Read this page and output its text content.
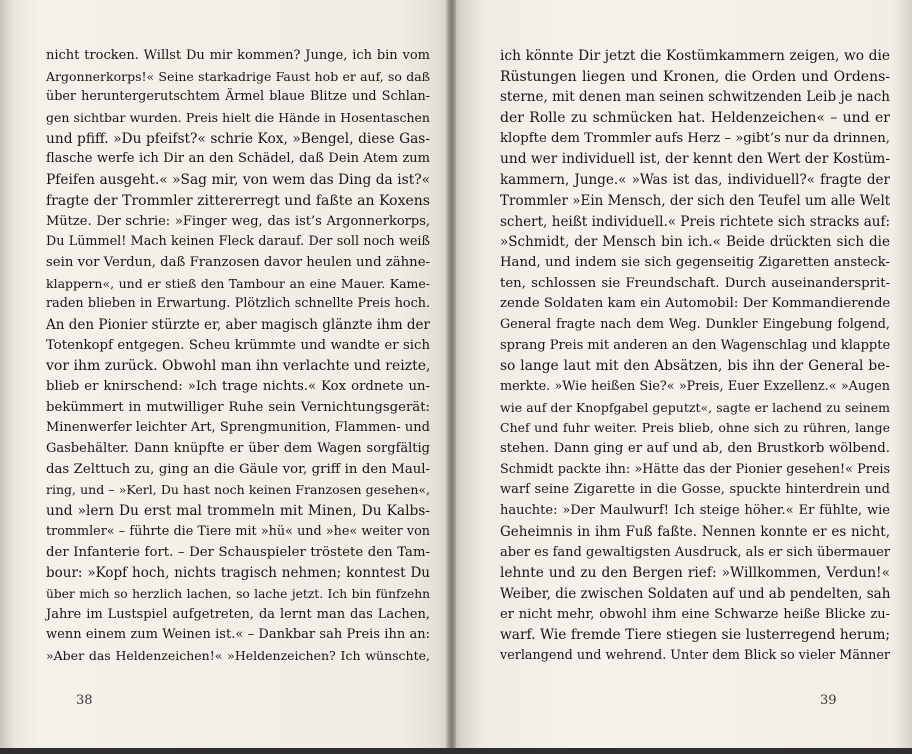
nicht trocken. Willst Du mir kommen? Junge, ich bin vom
Argonnerkorps!« Seine starkadrige Faust hob er auf, so daß
über heruntergerutschtem Ärmel blaue Blitze und Schlan-
gen sichtbar wurden. Preis hielt die Hände in Hosentaschen
und pfiff. »Du pfeifst?« schrie Kox, »Bengel, diese Gas-
flasche werfe ich Dir an den Schädel, daß Dein Atem zum
Pfeifen ausgeht.« »Sag mir, von wem das Ding da ist?«
fragte der Trommler zittererregt und faßte an Koxens
Mütze. Der schrie: »Finger weg, das ist’s Argonnerkorps,
Du Lümmel! Mach keinen Fleck darauf. Der soll noch weiß
sein vor Verdun, daß Franzosen davor heulen und zähne-
klappern«, und er stieß den Tambour an eine Mauer. Kame-
raden blieben in Erwartung. Plötzlich schnellte Preis hoch.
An den Pionier stürzte er, aber magisch glänzte ihm der
Totenkopf entgegen. Scheu krümmte und wandte er sich
vor ihm zurück. Obwohl man ihn verlachte und reizte,
blieb er knirschend: »Ich trage nichts.« Kox ordnete un-
bekümmert in mutwilliger Ruhe sein Vernichtungsgerät:
Minenwerfer leichter Art, Sprengmunition, Flammen- und
Gasbehälter. Dann knüpfte er über dem Wagen sorgfältig
das Zelttuch zu, ging an die Gäule vor, griff in den Maul-
ring, und – »Kerl, Du hast noch keinen Franzosen gesehen«,
und »lern Du erst mal trommeln mit Minen, Du Kalbs-
trommler« – führte die Tiere mit »hü« und »he« weiter von
der Infanterie fort. – Der Schauspieler tröstete den Tam-
bour: »Kopf hoch, nichts tragisch nehmen; konntest Du
über mich so herzlich lachen, so lache jetzt. Ich bin fünfzehn
Jahre im Lustspiel aufgetreten, da lernt man das Lachen,
wenn einem zum Weinen ist.« – Dankbar sah Preis ihn an:
»Aber das Heldenzeichen!« »Heldenzeichen? Ich wünschte,
38
ich könnte Dir jetzt die Kostümkammern zeigen, wo die
Rüstungen liegen und Kronen, die Orden und Ordens-
sterne, mit denen man seinen schwitzenden Leib je nach
der Rolle zu schmücken hat. Heldenzeichen« – und er
klopfte dem Trommler aufs Herz – »gibt’s nur da drinnen,
und wer individuell ist, der kennt den Wert der Kostüm-
kammern, Junge.« »Was ist das, individuell?« fragte der
Trommler »Ein Mensch, der sich den Teufel um alle Welt
schert, heißt individuell.« Preis richtete sich stracks auf:
»Schmidt, der Mensch bin ich.« Beide drückten sich die
Hand, und indem sie sich gegenseitig Zigaretten ansteck-
ten, schlossen sie Freundschaft. Durch auseinandersprit-
zende Soldaten kam ein Automobil: Der Kommandierende
General fragte nach dem Weg. Dunkler Eingebung folgend,
sprang Preis mit anderen an den Wagenschlag und klappte
so lange laut mit den Absätzen, bis ihn der General be-
merkte. »Wie heißen Sie?« »Preis, Euer Exzellenz.« »Augen
wie auf der Knopfgabel geputzt«, sagte er lachend zu seinem
Chef und fuhr weiter. Preis blieb, ohne sich zu rühren, lange
stehen. Dann ging er auf und ab, den Brustkorb wölbend.
Schmidt packte ihn: »Hätte das der Pionier gesehen!« Preis
warf seine Zigarette in die Gosse, spuckte hinterdrein und
hauchte: »Der Maulwurf! Ich steige höher.« Er fühlte, wie
Geheimnis in ihm Fuß faßte. Nennen konnte er es nicht,
aber es fand gewaltigsten Ausdruck, als er sich übermauer
lehnte und zu den Bergen rief: »Willkommen, Verdun!«
Weiber, die zwischen Soldaten auf und ab pendelten, sah
er nicht mehr, obwohl ihm eine Schwarze heiße Blicke zu-
warf. Wie fremde Tiere stiegen sie lusterregend herum;
verlangend und wehrend. Unter dem Blick so vieler Männer
39
